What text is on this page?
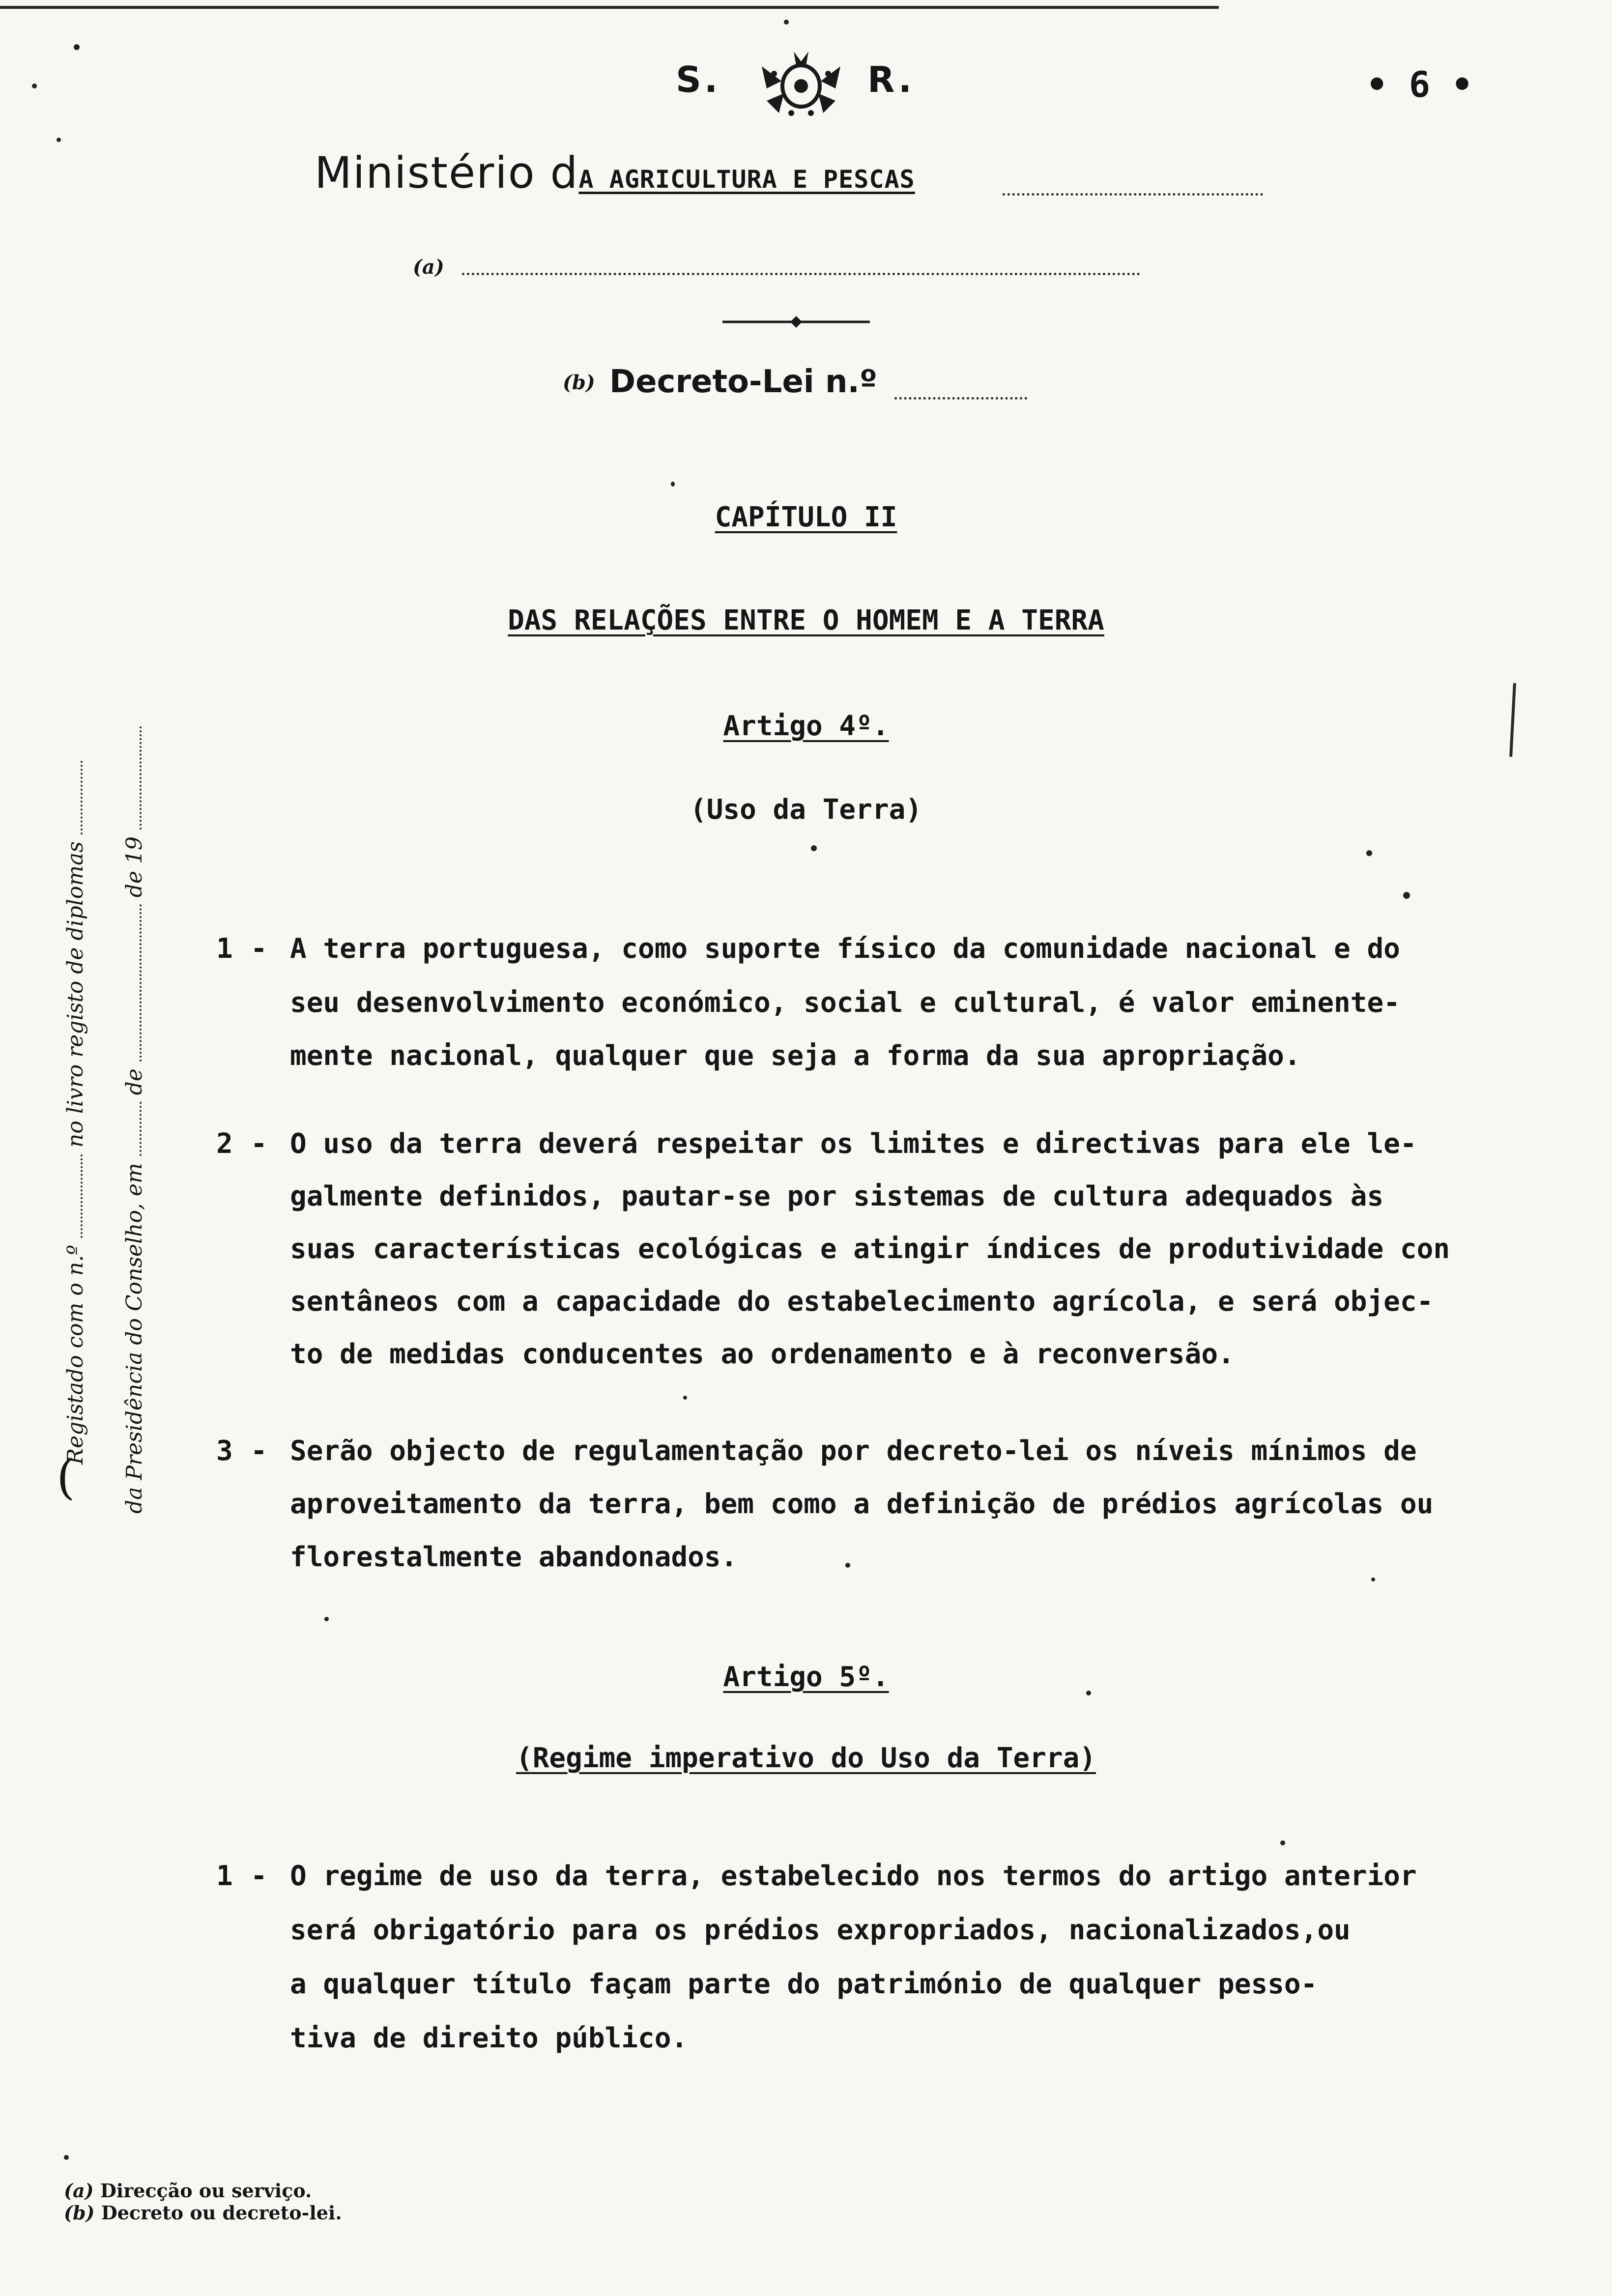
S.	R.	• 6 •
Ministério dA AGRICULTURA E PESCAS
(a)
(b) Decreto-Lei n.º
CAPÍTULO II
DAS RELAÇÕES ENTRE O HOMEM E A TERRA
Artigo 4º.
(Uso da Terra)
1 - A terra portuguesa, como suporte físico da comunidade nacional e do
seu desenvolvimento económico, social e cultural, é valor eminente-
mente nacional, qualquer que seja a forma da sua apropriação.
2 - O uso da terra deverá respeitar os limites e directivas para ele le-
galmente definidos, pautar-se por sistemas de cultura adequados às
suas características ecológicas e atingir índices de produtividade con
sentâneos com a capacidade do estabelecimento agrícola, e será objec-
to de medidas conducentes ao ordenamento e à reconversão.
3 - Serão objecto de regulamentação por decreto-lei os níveis mínimos de
aproveitamento da terra, bem como a definição de prédios agrícolas ou
florestalmente abandonados.
Artigo 5º.
(Regime imperativo do Uso da Terra)
1 - O regime de uso da terra, estabelecido nos termos do artigo anterior
será obrigatório para os prédios expropriados, nacionalizados,ou
a qualquer título façam parte do património de qualquer pesso-
tiva de direito público.
(
Registado com o n.º  no livro registo de diplomas
da Presidência do Conselho, em  de  de 19
(a) Direcção ou serviço.
(b) Decreto ou decreto-lei.
